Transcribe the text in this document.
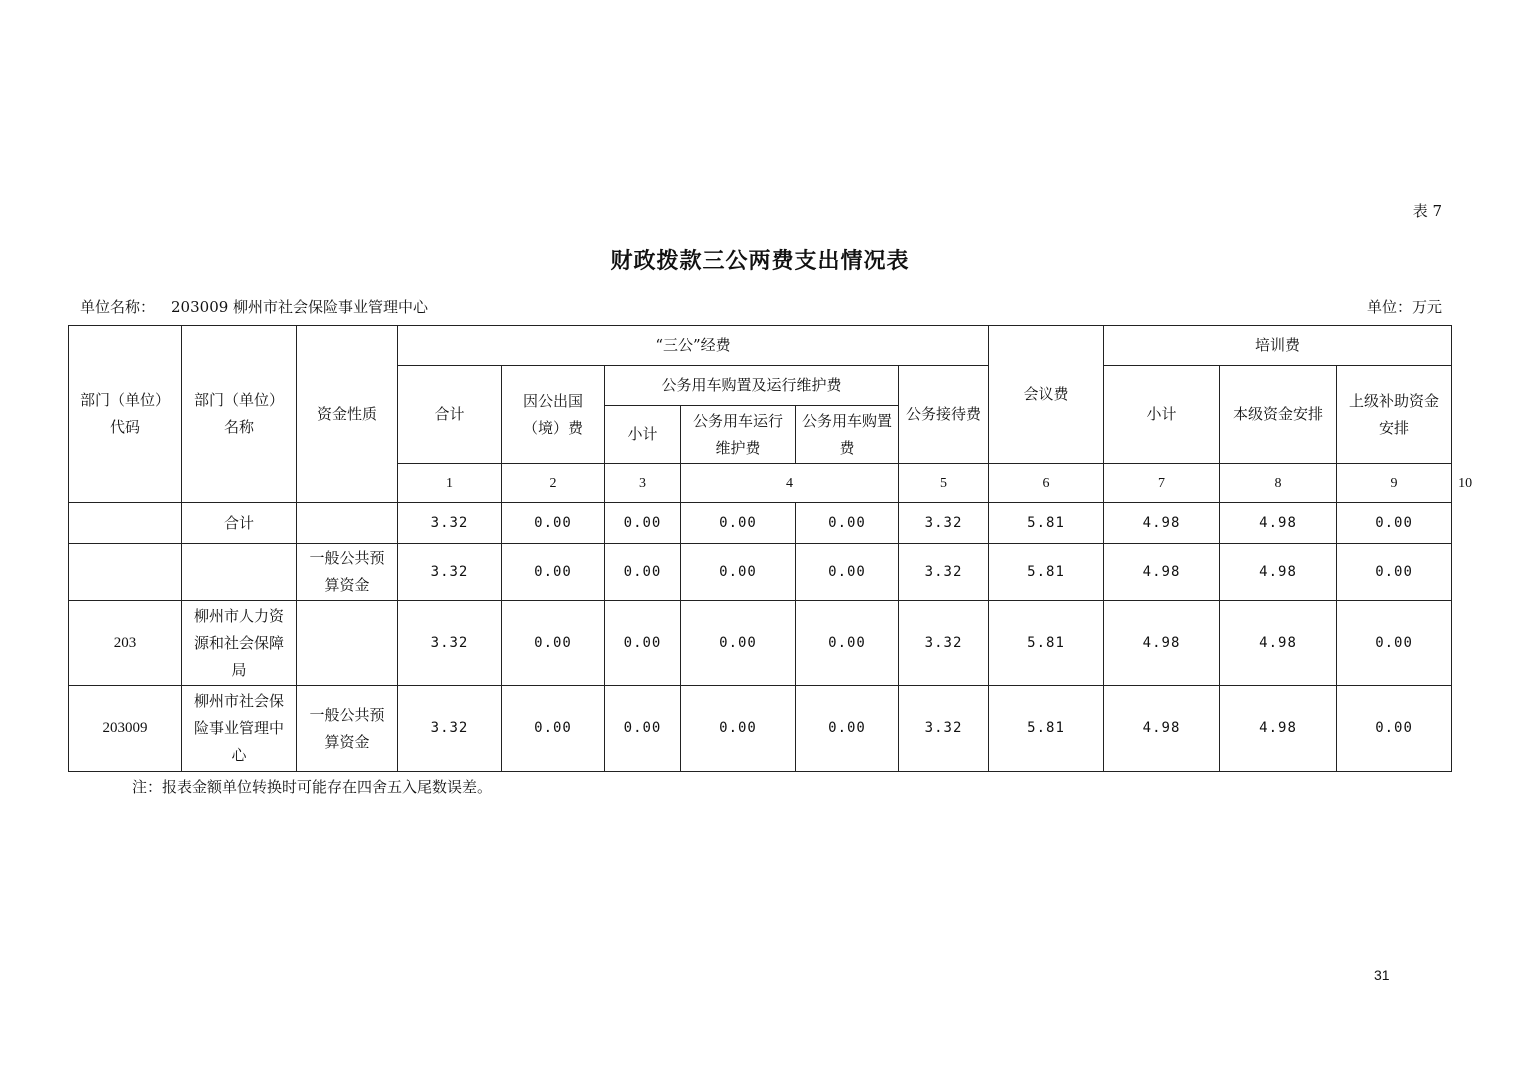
表 7
财政拨款三公两费支出情况表
单位名称： 203009 柳州市社会保险事业管理中心	单位：万元
部门（单位）代码	部门（单位）名称	资金性质	“三公”经费						会议费	培训费			
			合计	因公出国（境）费	公务用车购置及运行维护费			公务接待费		小计	本级资金安排	上级补助资金安排	
					小计	公务用车运行维护费	公务用车购置费						
			1	2	3	4		5	6	7	8	9	10
	合计		3.32	0.00	0.00	0.00	0.00	3.32	5.81	4.98	4.98	0.00	
		一般公共预算资金	3.32	0.00	0.00	0.00	0.00	3.32	5.81	4.98	4.98	0.00	
203	柳州市人力资源和社会保障局		3.32	0.00	0.00	0.00	0.00	3.32	5.81	4.98	4.98	0.00	
203009	柳州市社会保险事业管理中心	一般公共预算资金	3.32	0.00	0.00	0.00	0.00	3.32	5.81	4.98	4.98	0.00	
注：报表金额单位转换时可能存在四舍五入尾数误差。
31
